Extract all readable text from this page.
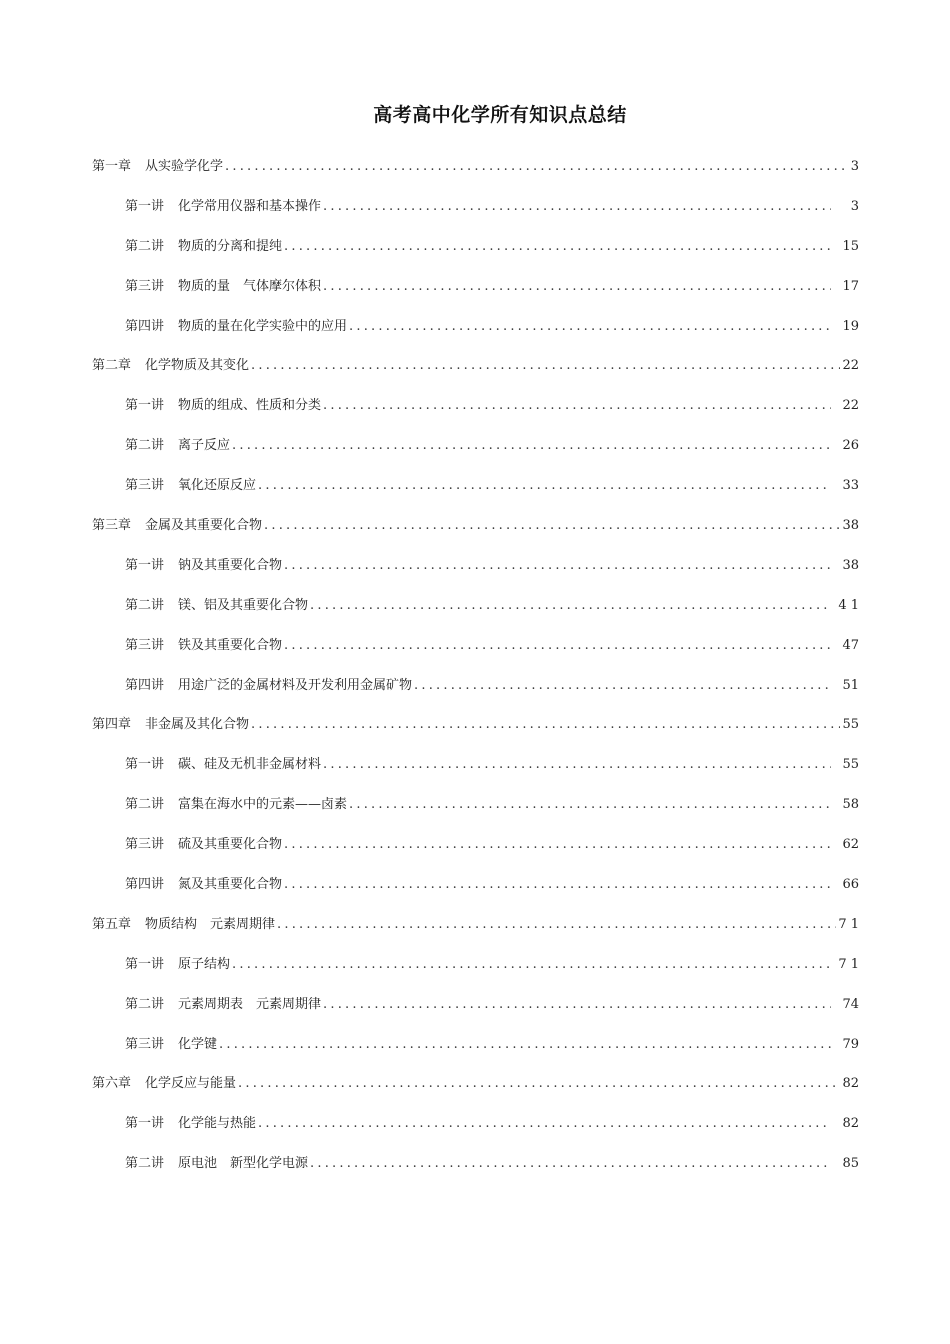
高考高中化学所有知识点总结
第一章 从实验学化学 .....	3
第一讲 化学常用仪器和基本操作 .....	3
第二讲 物质的分离和提纯 .....	15
第三讲 物质的量　气体摩尔体积 .....	17
第四讲 物质的量在化学实验中的应用 .....	19
第二章 化学物质及其变化 .....	22
第一讲 物质的组成、性质和分类 .....	22
第二讲 离子反应 .....	26
第三讲 氧化还原反应 .....	33
第三章 金属及其重要化合物 .....	38
第一讲 钠及其重要化合物 .....	38
第二讲 镁、铝及其重要化合物 .....	4 1
第三讲 铁及其重要化合物 .....	47
第四讲 用途广泛的金属材料及开发利用金属矿物 .....	51
第四章 非金属及其化合物 .....	55
第一讲 碳、硅及无机非金属材料 .....	55
第二讲 富集在海水中的元素——卤素 .....	58
第三讲 硫及其重要化合物 .....	62
第四讲 氮及其重要化合物 .....	66
第五章 物质结构　元素周期律 .....	7 1
第一讲 原子结构 .....	7 1
第二讲 元素周期表　元素周期律 .....	74
第三讲 化学键 .....	79
第六章 化学反应与能量 .....	82
第一讲 化学能与热能 .....	82
第二讲 原电池　新型化学电源 .....	85
